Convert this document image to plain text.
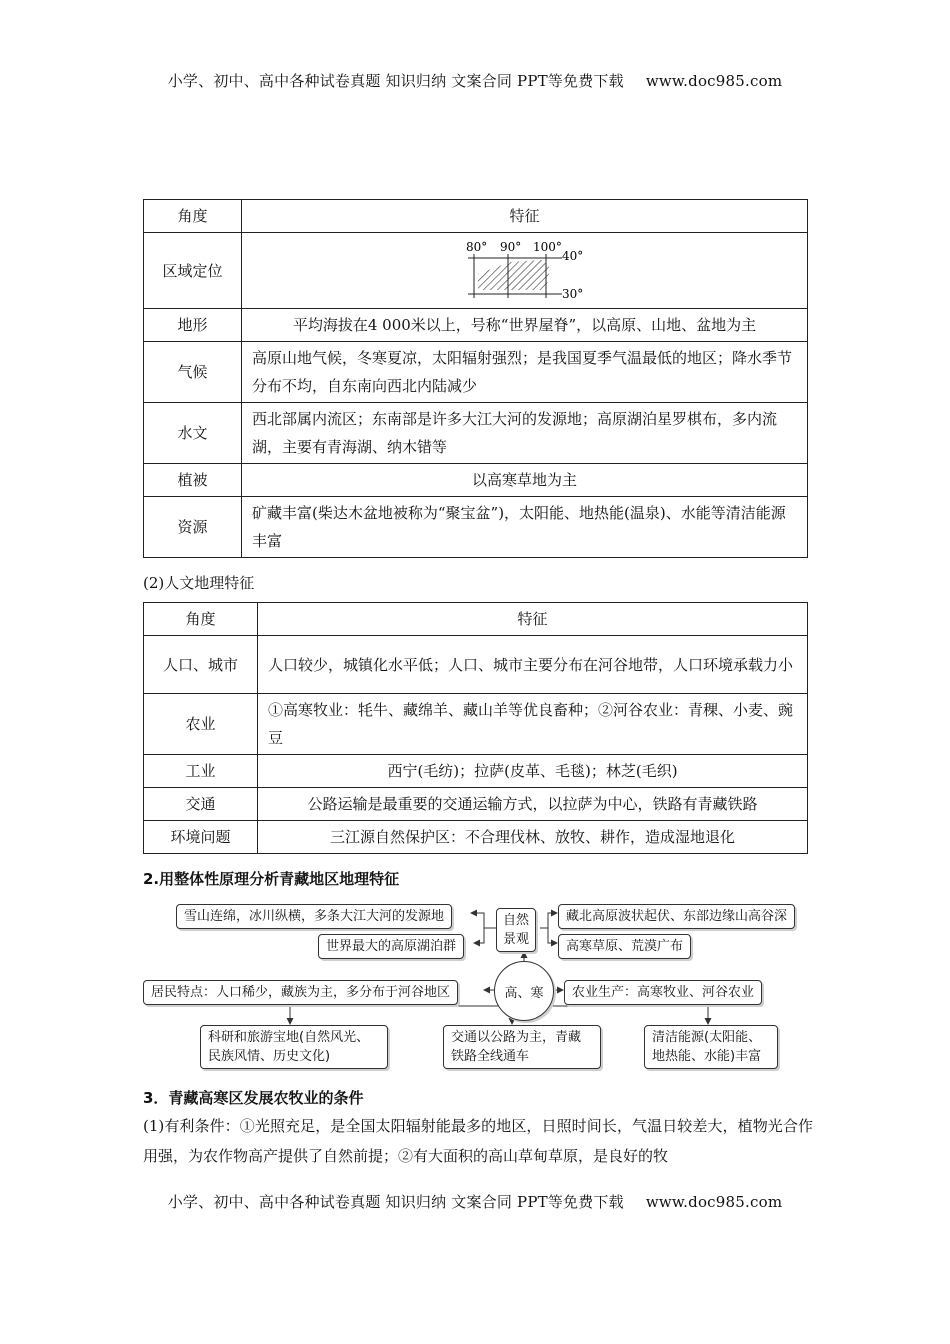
小学、初中、高中各种试卷真题 知识归纳 文案合同 PPT等免费下载 www.doc985.com
角度	特征
区域定位	80° 90° 100°
40°
30°

地形	平均海拔在4 000米以上，号称“世界屋脊”，以高原、山地、盆地为主
气候	高原山地气候，冬寒夏凉，太阳辐射强烈；是我国夏季气温最低的地区；降水季节分布不均，自东南向西北内陆减少
水文	西北部属内流区；东南部是许多大江大河的发源地；高原湖泊星罗棋布，多内流湖，主要有青海湖、纳木错等
植被	以高寒草地为主
资源	矿藏丰富(柴达木盆地被称为“聚宝盆”)，太阳能、地热能(温泉)、水能等清洁能源丰富
(2)人文地理特征
角度	特征
人口、城市	人口较少，城镇化水平低；人口、城市主要分布在河谷地带，人口环境承载力小
农业	①高寒牧业：牦牛、藏绵羊、藏山羊等优良畜种；②河谷农业：青稞、小麦、豌豆
工业	西宁(毛纺)；拉萨(皮革、毛毯)；林芝(毛织)
交通	公路运输是最重要的交通运输方式，以拉萨为中心，铁路有青藏铁路
环境问题	三江源自然保护区：不合理伐林、放牧、耕作，造成湿地退化
2.用整体性原理分析青藏地区地理特征
雪山连绵，冰川纵横，多条大江大河的发源地
世界最大的高原湖泊群
自然景观
藏北高原波状起伏、东部边缘山高谷深
高寒草原、荒漠广布
高、寒
居民特点：人口稀少，藏族为主，多分布于河谷地区	农业生产：高寒牧业、河谷农业
科研和旅游宝地(自然风光、民族风情、历史文化)
交通以公路为主，青藏铁路全线通车
清洁能源(太阳能、地热能、水能)丰富
3．青藏高寒区发展农牧业的条件
(1)有利条件：①光照充足，是全国太阳辐射能最多的地区，日照时间长，气温日较差大，植物光合作用强，为农作物高产提供了自然前提；②有大面积的高山草甸草原，是良好的牧
小学、初中、高中各种试卷真题 知识归纳 文案合同 PPT等免费下载 www.doc985.com
